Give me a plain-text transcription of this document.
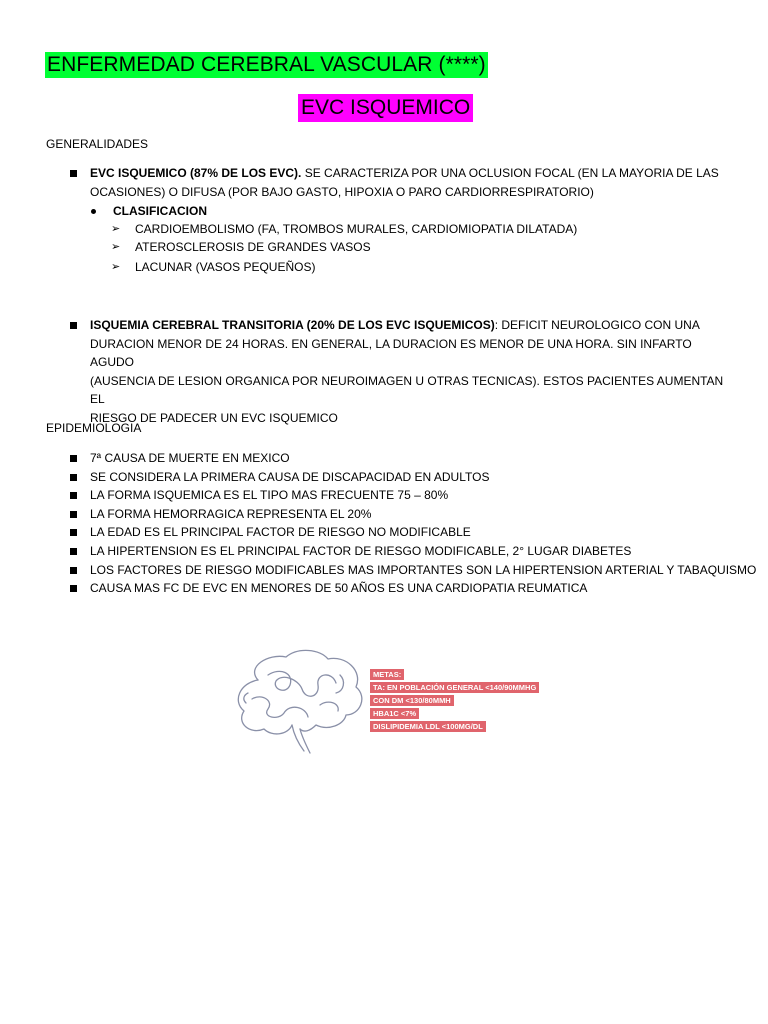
ENFERMEDAD CEREBRAL VASCULAR (****)
EVC ISQUEMICO
GENERALIDADES
EVC ISQUEMICO (87% DE LOS EVC). SE CARACTERIZA POR UNA OCLUSION FOCAL (EN LA MAYORIA DE LAS
OCASIONES) O DIFUSA (POR BAJO GASTO, HIPOXIA O PARO CARDIORRESPIRATORIO)
CLASIFICACION
➢ CARDIOEMBOLISMO (FA, TROMBOS MURALES, CARDIOMIOPATIA DILATADA)
➢ ATEROSCLEROSIS DE GRANDES VASOS
➢ LACUNAR (VASOS PEQUEÑOS)
ISQUEMIA CEREBRAL TRANSITORIA (20% DE LOS EVC ISQUEMICOS): DEFICIT NEUROLOGICO CON UNA
DURACION MENOR DE 24 HORAS. EN GENERAL, LA DURACION ES MENOR DE UNA HORA. SIN INFARTO AGUDO
(AUSENCIA DE LESION ORGANICA POR NEUROIMAGEN U OTRAS TECNICAS). ESTOS PACIENTES AUMENTAN EL
RIESGO DE PADECER UN EVC ISQUEMICO
EPIDEMIOLOGIA
7ª CAUSA DE MUERTE EN MEXICO
SE CONSIDERA LA PRIMERA CAUSA DE DISCAPACIDAD EN ADULTOS
LA FORMA ISQUEMICA ES EL TIPO MAS FRECUENTE 75 – 80%
LA FORMA HEMORRAGICA REPRESENTA EL 20%
LA EDAD ES EL PRINCIPAL FACTOR DE RIESGO NO MODIFICABLE
LA HIPERTENSION ES EL PRINCIPAL FACTOR DE RIESGO MODIFICABLE, 2° LUGAR DIABETES
LOS FACTORES DE RIESGO MODIFICABLES MAS IMPORTANTES SON LA HIPERTENSION ARTERIAL Y TABAQUISMO
CAUSA MAS FC DE EVC EN MENORES DE 50 AÑOS ES UNA CARDIOPATIA REUMATICA
METAS:
TA: EN POBLACIÓN GENERAL <140/90MMHG
CON DM <130/80MMH
HBA1C <7%
DISLIPIDEMIA LDL <100MG/DL
